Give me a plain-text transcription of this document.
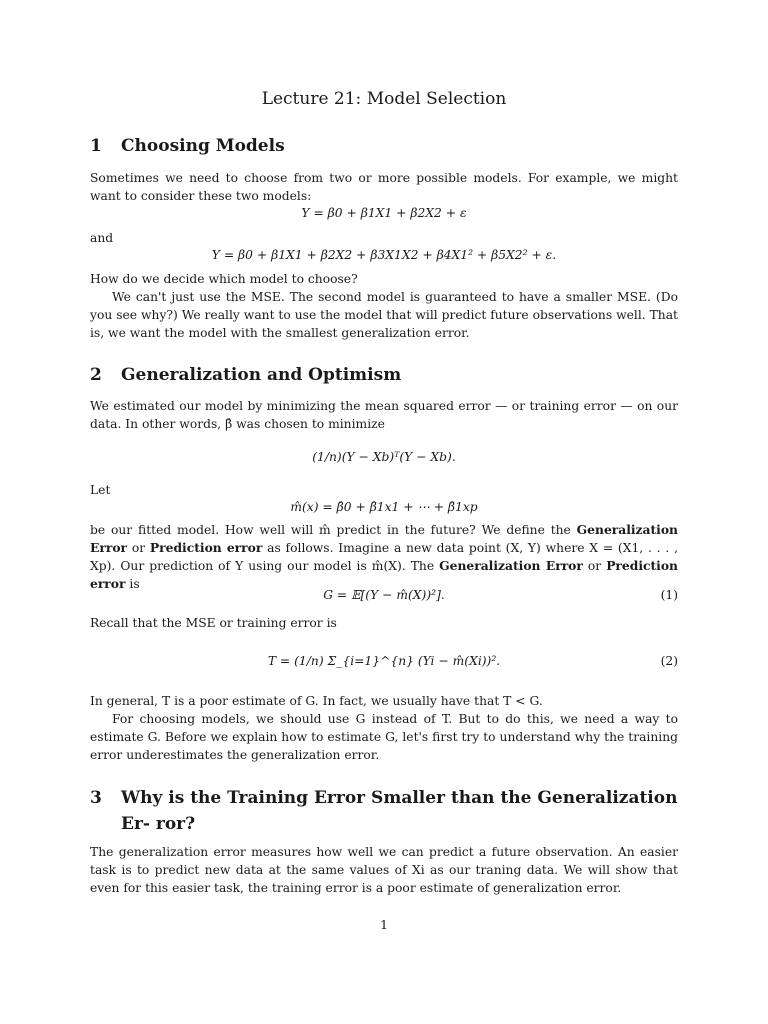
Lecture 21: Model Selection
1	Choosing Models
Sometimes we need to choose from two or more possible models. For example, we might want to consider these two models:
Y = β0 + β1X1 + β2X2 + ε
and
Y = β0 + β1X1 + β2X2 + β3X1X2 + β4X1² + β5X2² + ε.
How do we decide which model to choose?
We can't just use the MSE. The second model is guaranteed to have a smaller MSE. (Do you see why?) We really want to use the model that will predict future observations well. That is, we want the model with the smallest generalization error.
2	Generalization and Optimism
We estimated our model by minimizing the mean squared error — or training error — on our data. In other words, β̂ was chosen to minimize
(1/n)(Y − Xb)ᵀ(Y − Xb).
Let
m̂(x) = β̂0 + β̂1x1 + ⋯ + β̂1xp
be our fitted model. How well will m̂ predict in the future? We define the Generalization Error or Prediction error as follows. Imagine a new data point (X, Y) where X = (X1, . . . , Xp). Our prediction of Y using our model is m̂(X). The Generalization Error or Prediction error is
G = 𝔼[(Y − m̂(X))²].	(1)
Recall that the MSE or training error is
T = (1/n) Σ_{i=1}^{n} (Yi − m̂(Xi))².	(2)
In general, T is a poor estimate of G. In fact, we usually have that T < G.
For choosing models, we should use G instead of T. But to do this, we need a way to estimate G. Before we explain how to estimate G, let's first try to understand why the training error underestimates the generalization error.
3	Why is the Training Error Smaller than the Generalization Er- ror?
The generalization error measures how well we can predict a future observation. An easier task is to predict new data at the same values of Xi as our traning data. We will show that even for this easier task, the training error is a poor estimate of generalization error.
1
